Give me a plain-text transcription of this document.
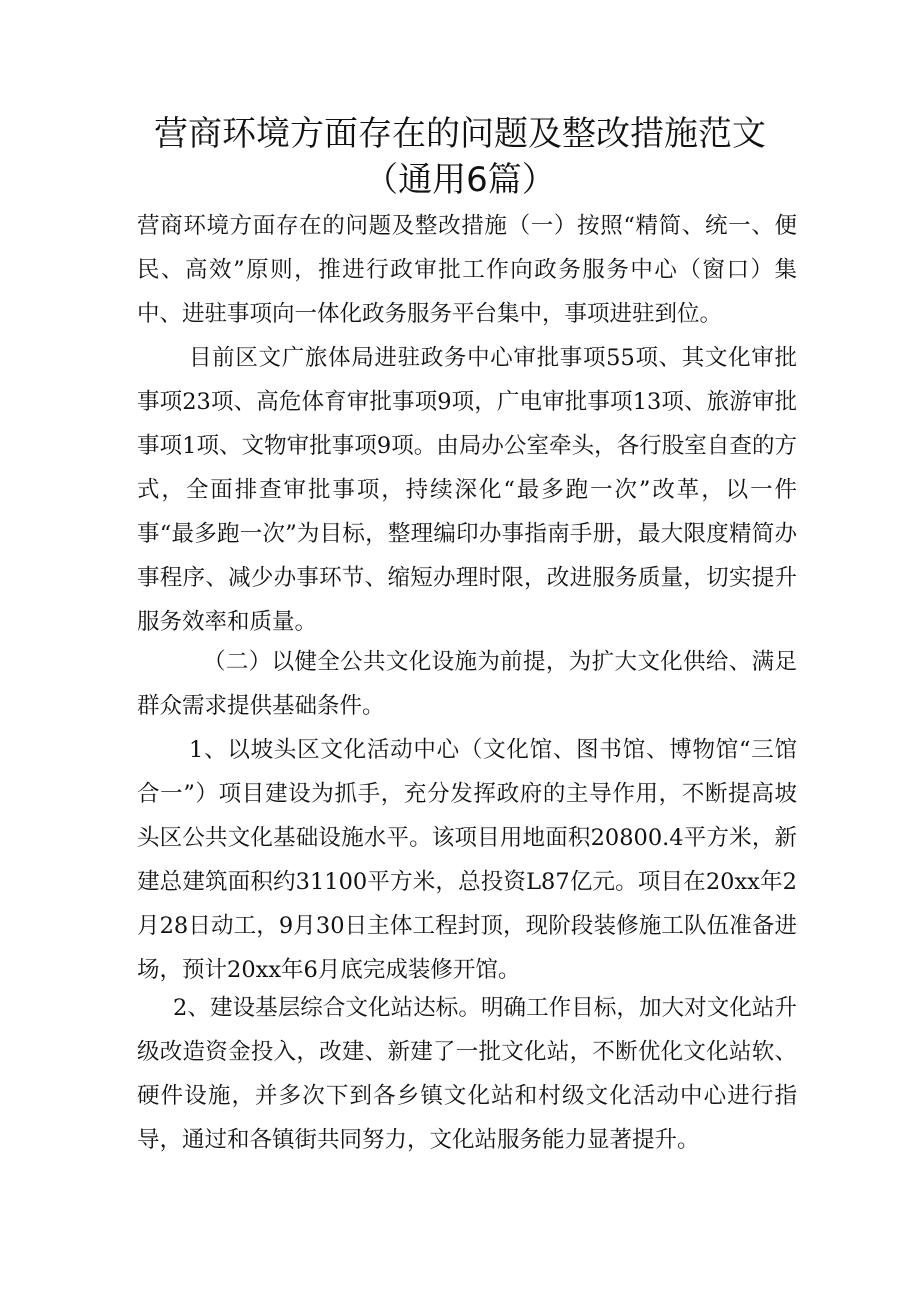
营商环境方面存在的问题及整改措施范文
（通用6篇）

营商环境方面存在的问题及整改措施（一）按照“精简、统一、便民、高效”原则，推进行政审批工作向政务服务中心（窗口）集中、进驻事项向一体化政务服务平台集中，事项进驻到位。

目前区文广旅体局进驻政务中心审批事项55项、其文化审批事项23项、高危体育审批事项9项，广电审批事项13项、旅游审批事项1项、文物审批事项9项。由局办公室牵头，各行股室自查的方式，全面排查审批事项，持续深化“最多跑一次”改革，以一件事“最多跑一次”为目标，整理编印办事指南手册，最大限度精简办事程序、减少办事环节、缩短办理时限，改进服务质量，切实提升服务效率和质量。

（二）以健全公共文化设施为前提，为扩大文化供给、满足群众需求提供基础条件。

1、以坡头区文化活动中心（文化馆、图书馆、博物馆“三馆合一”）项目建设为抓手，充分发挥政府的主导作用，不断提高坡头区公共文化基础设施水平。该项目用地面积20800.4平方米，新建总建筑面积约31100平方米，总投资L87亿元。项目在20xx年2月28日动工，9月30日主体工程封顶，现阶段装修施工队伍准备进场，预计20xx年6月底完成装修开馆。

2、建设基层综合文化站达标。明确工作目标，加大对文化站升级改造资金投入，改建、新建了一批文化站，不断优化文化站软、硬件设施，并多次下到各乡镇文化站和村级文化活动中心进行指导，通过和各镇街共同努力，文化站服务能力显著提升。
